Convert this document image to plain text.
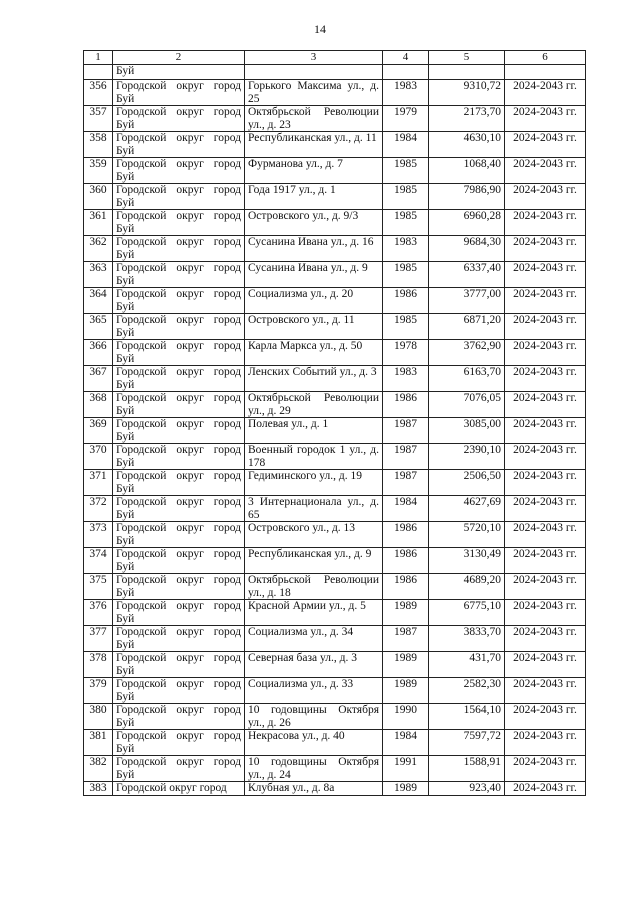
14
1	2	3	4	5	6
	Буй				
356	Городской округ город Буй	Горького Максима ул., д. 25	1983	9310,72	2024-2043 гг.
357	Городской округ город Буй	Октябрьской Революции ул., д. 23	1979	2173,70	2024-2043 гг.
358	Городской округ город Буй	Республиканская ул., д. 11	1984	4630,10	2024-2043 гг.
359	Городской округ город Буй	Фурманова ул., д. 7	1985	1068,40	2024-2043 гг.
360	Городской округ город Буй	Года 1917 ул., д. 1	1985	7986,90	2024-2043 гг.
361	Городской округ город Буй	Островского ул., д. 9/3	1985	6960,28	2024-2043 гг.
362	Городской округ город Буй	Сусанина Ивана ул., д. 16	1983	9684,30	2024-2043 гг.
363	Городской округ город Буй	Сусанина Ивана ул., д. 9	1985	6337,40	2024-2043 гг.
364	Городской округ город Буй	Социализма ул., д. 20	1986	3777,00	2024-2043 гг.
365	Городской округ город Буй	Островского ул., д. 11	1985	6871,20	2024-2043 гг.
366	Городской округ город Буй	Карла Маркса ул., д. 50	1978	3762,90	2024-2043 гг.
367	Городской округ город Буй	Ленских Событий ул., д. 3	1983	6163,70	2024-2043 гг.
368	Городской округ город Буй	Октябрьской Революции ул., д. 29	1986	7076,05	2024-2043 гг.
369	Городской округ город Буй	Полевая ул., д. 1	1987	3085,00	2024-2043 гг.
370	Городской округ город Буй	Военный городок 1 ул., д. 178	1987	2390,10	2024-2043 гг.
371	Городской округ город Буй	Гедиминского ул., д. 19	1987	2506,50	2024-2043 гг.
372	Городской округ город Буй	3 Интернационала ул., д. 65	1984	4627,69	2024-2043 гг.
373	Городской округ город Буй	Островского ул., д. 13	1986	5720,10	2024-2043 гг.
374	Городской округ город Буй	Республиканская ул., д. 9	1986	3130,49	2024-2043 гг.
375	Городской округ город Буй	Октябрьской Революции ул., д. 18	1986	4689,20	2024-2043 гг.
376	Городской округ город Буй	Красной Армии ул., д. 5	1989	6775,10	2024-2043 гг.
377	Городской округ город Буй	Социализма ул., д. 34	1987	3833,70	2024-2043 гг.
378	Городской округ город Буй	Северная база ул., д. 3	1989	431,70	2024-2043 гг.
379	Городской округ город Буй	Социализма ул., д. 33	1989	2582,30	2024-2043 гг.
380	Городской округ город Буй	10 годовщины Октября ул., д. 26	1990	1564,10	2024-2043 гг.
381	Городской округ город Буй	Некрасова ул., д. 40	1984	7597,72	2024-2043 гг.
382	Городской округ город Буй	10 годовщины Октября ул., д. 24	1991	1588,91	2024-2043 гг.
383	Городской округ город	Клубная ул., д. 8а	1989	923,40	2024-2043 гг.
